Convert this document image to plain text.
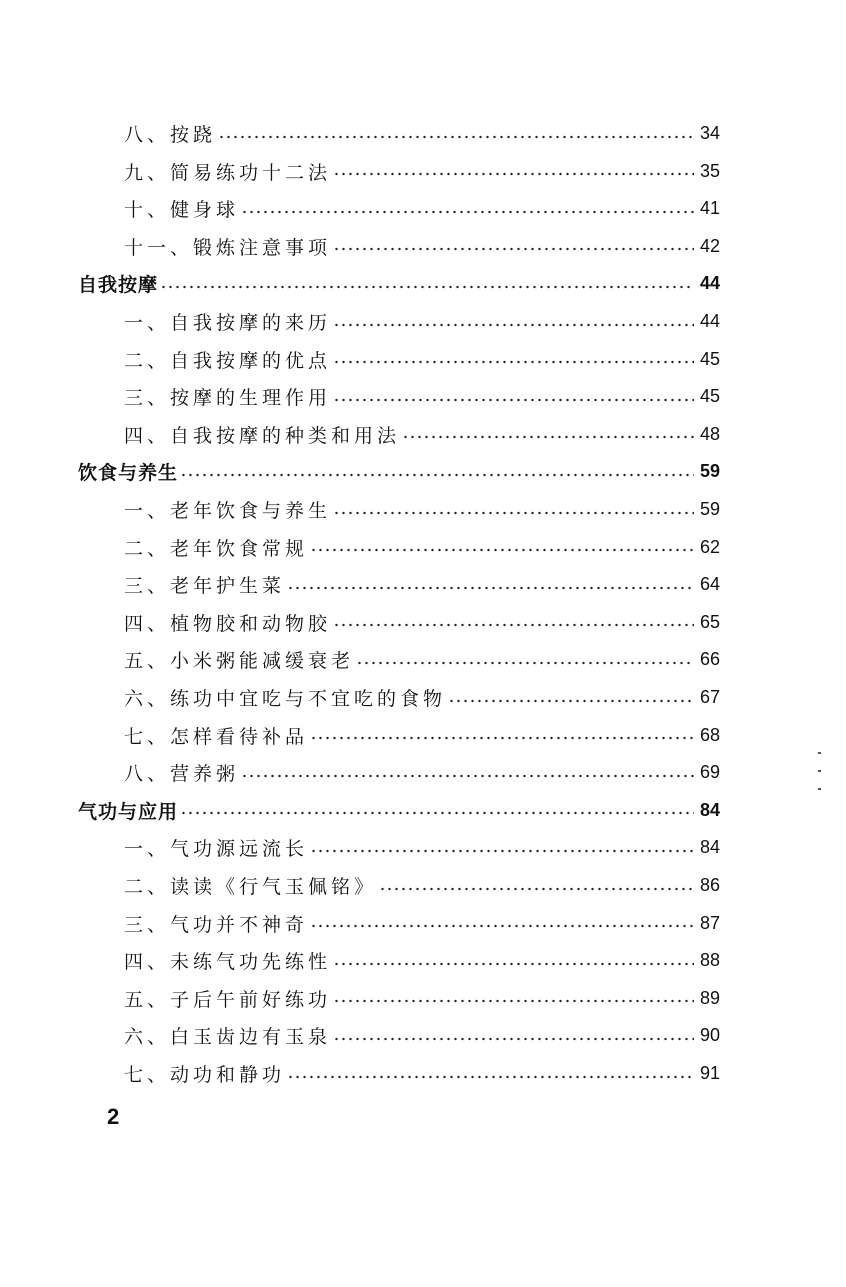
八、按跷	34
九、简易练功十二法	35
十、健身球	41
十一、锻炼注意事项	42
自我按摩	44
一、自我按摩的来历	44
二、自我按摩的优点	45
三、按摩的生理作用	45
四、自我按摩的种类和用法	48
饮食与养生	59
一、老年饮食与养生	59
二、老年饮食常规	62
三、老年护生菜	64
四、植物胶和动物胶	65
五、小米粥能减缓衰老	66
六、练功中宜吃与不宜吃的食物	67
七、怎样看待补品	68
八、营养粥	69
气功与应用	84
一、气功源远流长	84
二、读读《行气玉佩铭》	86
三、气功并不神奇	87
四、未练气功先练性	88
五、子后午前好练功	89
六、白玉齿边有玉泉	90
七、动功和静功	91
2
